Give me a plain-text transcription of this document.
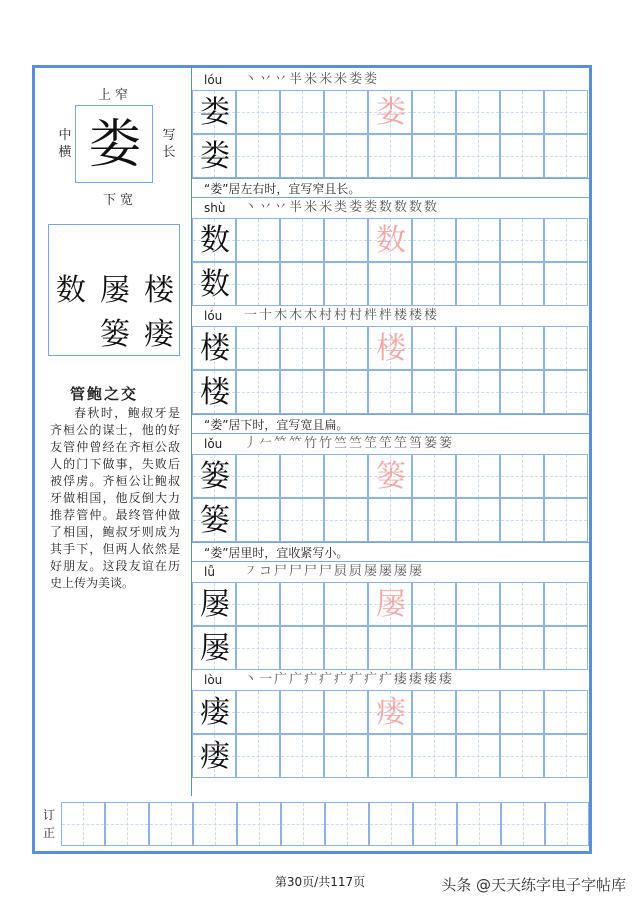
上窄
中横 娄	写长
下宽
数 屡 楼
篓 瘘
管鲍之交
春秋时，鲍叔牙是齐桓公的谋士，他的好友管仲曾经在齐桓公敌人的门下做事，失败后被俘虏。齐桓公让鲍叔牙做相国，他反倒大力推荐管仲。最终管仲做了相国，鲍叔牙则成为其手下，但两人依然是好朋友。这段友谊在历史上传为美谈。
lóu 丶丷丷半米米米娄娄
娄	娄
娄
“娄”居左右时，宜写窄且长。
shù 丶丷丷半米米类娄娄数数数数
数	数
数
lóu 一十木木木村村村柈柈楼楼楼
楼	楼
楼
“娄”居下时，宜写宽且扁。
lǒu 丿𠂉𥫗𥫗竹竹竺竺笁笁笁筜篓篓
篓	篓
篓
“娄”居里时，宜收紧写小。
lǚ ㇇コ尸尸尸尸屃屃屡屡屡屡
屡	屡
屡
lòu 丶一广广疒疒疒疒疒疒瘘瘘瘘瘘
瘘	瘘
瘘
订正
第30页/共117页	头条 @天天练字电子字帖库
